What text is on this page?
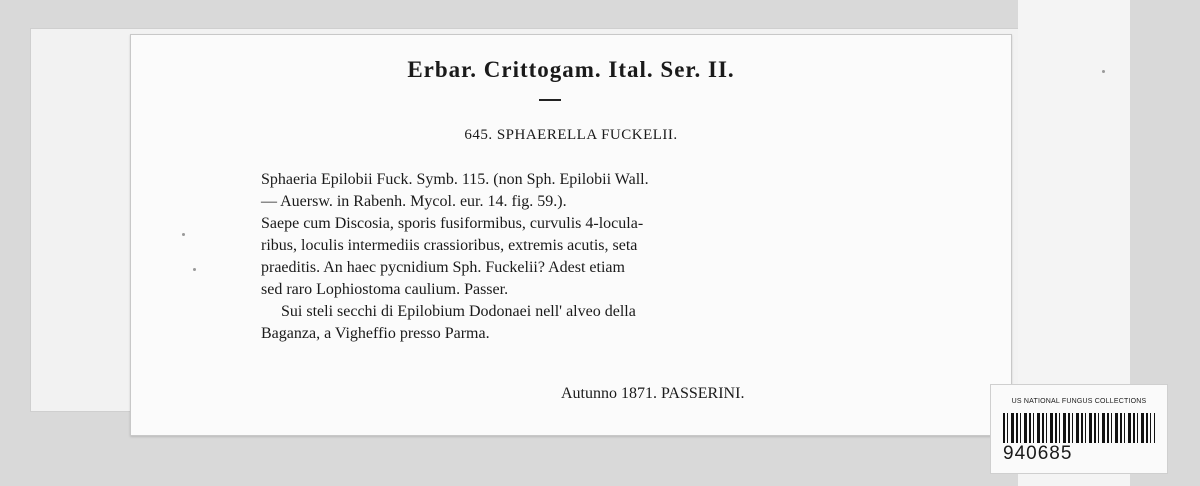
Erbar. Crittogam. Ital. Ser. II.
645. SPHAERELLA FUCKELII.

Sphaeria Epilobii Fuck. Symb. 115. (non Sph. Epilobii Wall.

— Auersw. in Rabenh. Mycol. eur. 14. fig. 59.).

Saepe cum Discosia, sporis fusiformibus, curvulis 4-locula-

ribus, loculis intermediis crassioribus, extremis acutis, seta

praeditis. An haec pycnidium Sph. Fuckelii? Adest etiam

sed raro Lophiostoma caulium. Passer.

Sui steli secchi di Epilobium Dodonaei nell' alveo della

Baganza, a Vigheffio presso Parma.

Autunno 1871. PASSERINI.	US NATIONAL FUNGUS COLLECTIONS
940685
